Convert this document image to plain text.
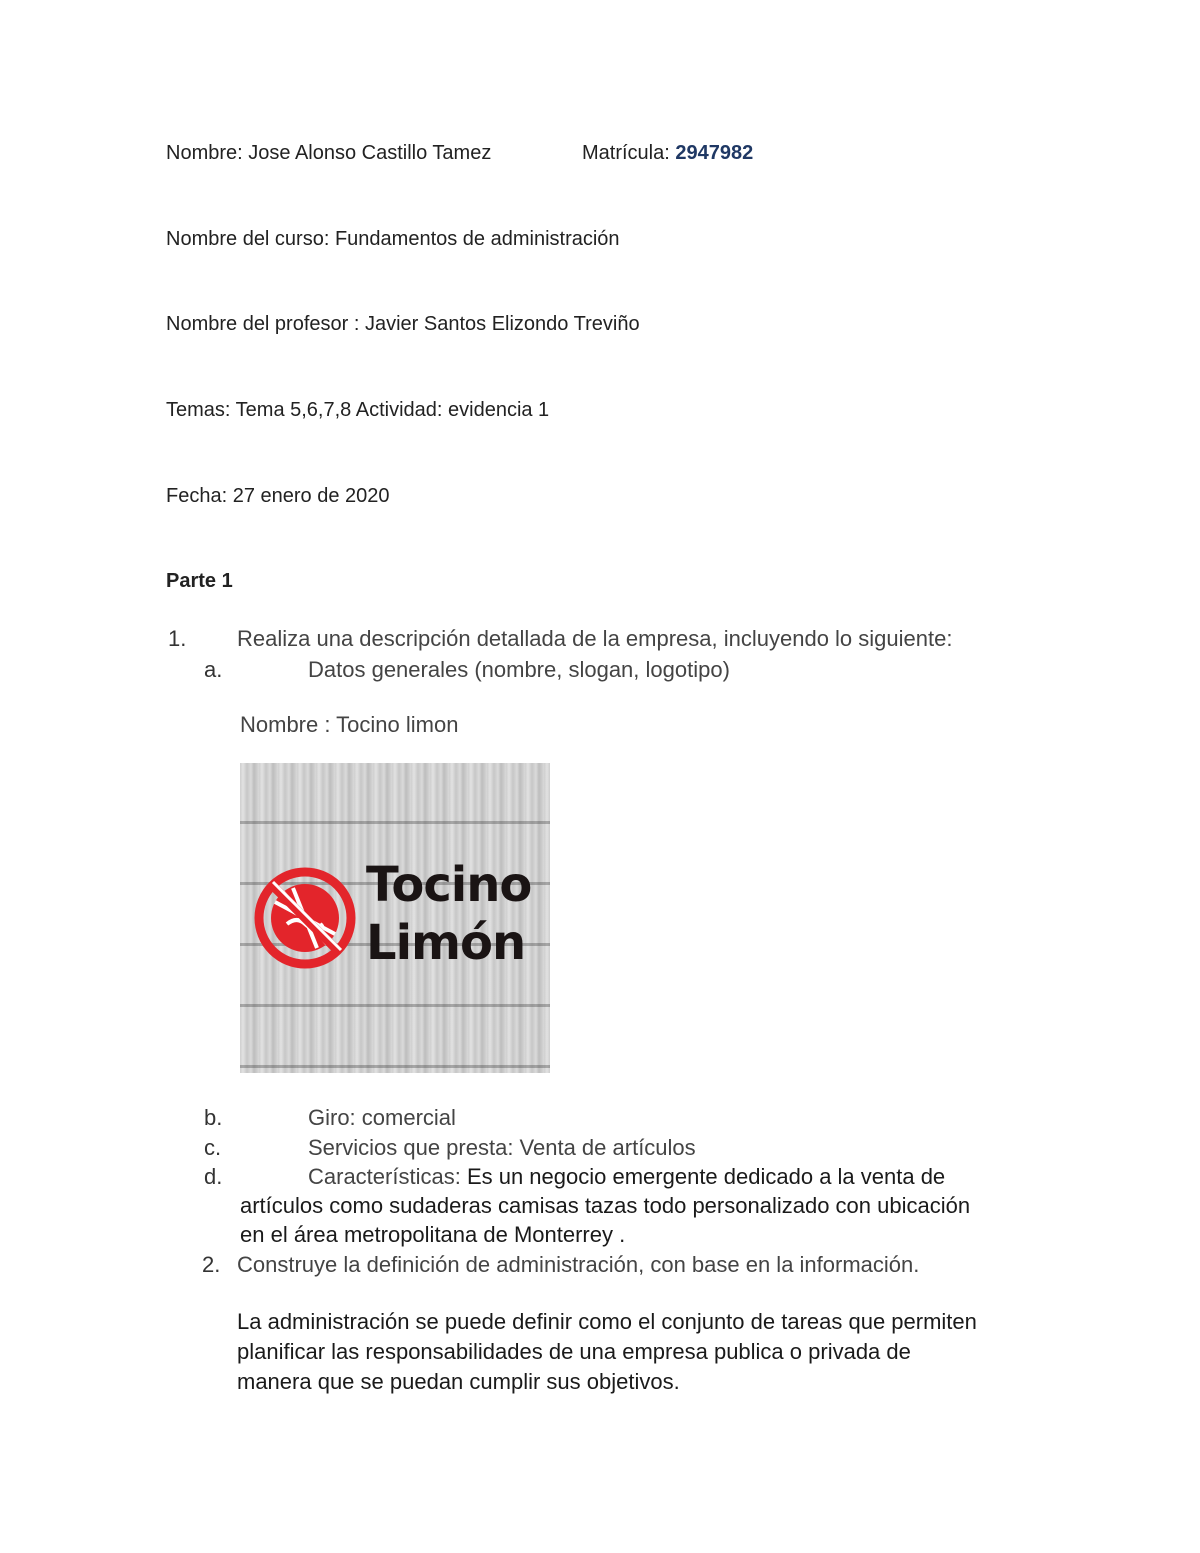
Nombre: Jose Alonso Castillo Tamez	Matrícula: 2947982
Nombre del curso: Fundamentos de administración
Nombre del profesor : Javier Santos Elizondo Treviño
Temas: Tema 5,6,7,8 Actividad: evidencia 1
Fecha: 27 enero de 2020
Parte 1
1. Realiza una descripción detallada de la empresa, incluyendo lo siguiente:
a.	Datos generales (nombre, slogan, logotipo)
Nombre : Tocino limon
Tocino
Limón
b.	Giro: comercial
c.	Servicios que presta: Venta de artículos
d.	Características: Es un negocio emergente dedicado a la venta de
artículos como sudaderas camisas tazas todo personalizado con ubicación
en el área metropolitana de Monterrey .
2. Construye la definición de administración, con base en la información.
La administración se puede definir como el conjunto de tareas que permiten
planificar las responsabilidades de una empresa publica o privada de
manera que se puedan cumplir sus objetivos.
